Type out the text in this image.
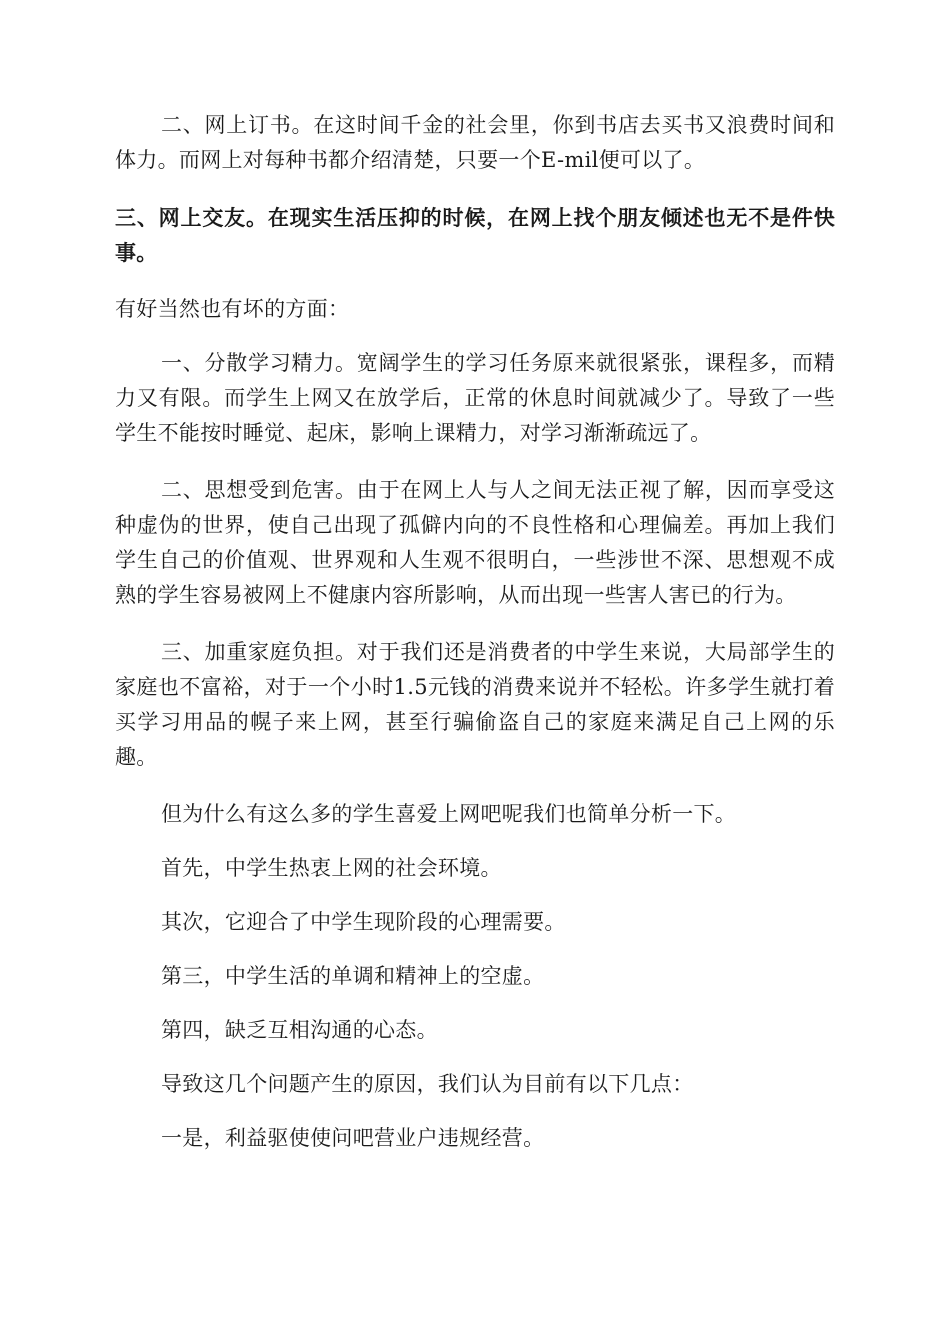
二、网上订书。在这时间千金的社会里，你到书店去买书又浪费时间和体力。而网上对每种书都介绍清楚，只要一个E-mil便可以了。

三、网上交友。在现实生活压抑的时候，在网上找个朋友倾述也无不是件快事。

有好当然也有坏的方面：

一、分散学习精力。宽阔学生的学习任务原来就很紧张，课程多，而精力又有限。而学生上网又在放学后，正常的休息时间就减少了。导致了一些学生不能按时睡觉、起床，影响上课精力，对学习渐渐疏远了。

二、思想受到危害。由于在网上人与人之间无法正视了解，因而享受这种虚伪的世界，使自己出现了孤僻内向的不良性格和心理偏差。再加上我们学生自己的价值观、世界观和人生观不很明白，一些涉世不深、思想观不成熟的学生容易被网上不健康内容所影响，从而出现一些害人害已的行为。

三、加重家庭负担。对于我们还是消费者的中学生来说，大局部学生的家庭也不富裕，对于一个小时1.5元钱的消费来说并不轻松。许多学生就打着买学习用品的幌子来上网，甚至行骗偷盗自己的家庭来满足自己上网的乐趣。

但为什么有这么多的学生喜爱上网吧呢我们也简单分析一下。

首先，中学生热衷上网的社会环境。

其次，它迎合了中学生现阶段的心理需要。

第三，中学生活的单调和精神上的空虚。

第四，缺乏互相沟通的心态。

导致这几个问题产生的原因，我们认为目前有以下几点：

一是，利益驱使使问吧营业户违规经营。
